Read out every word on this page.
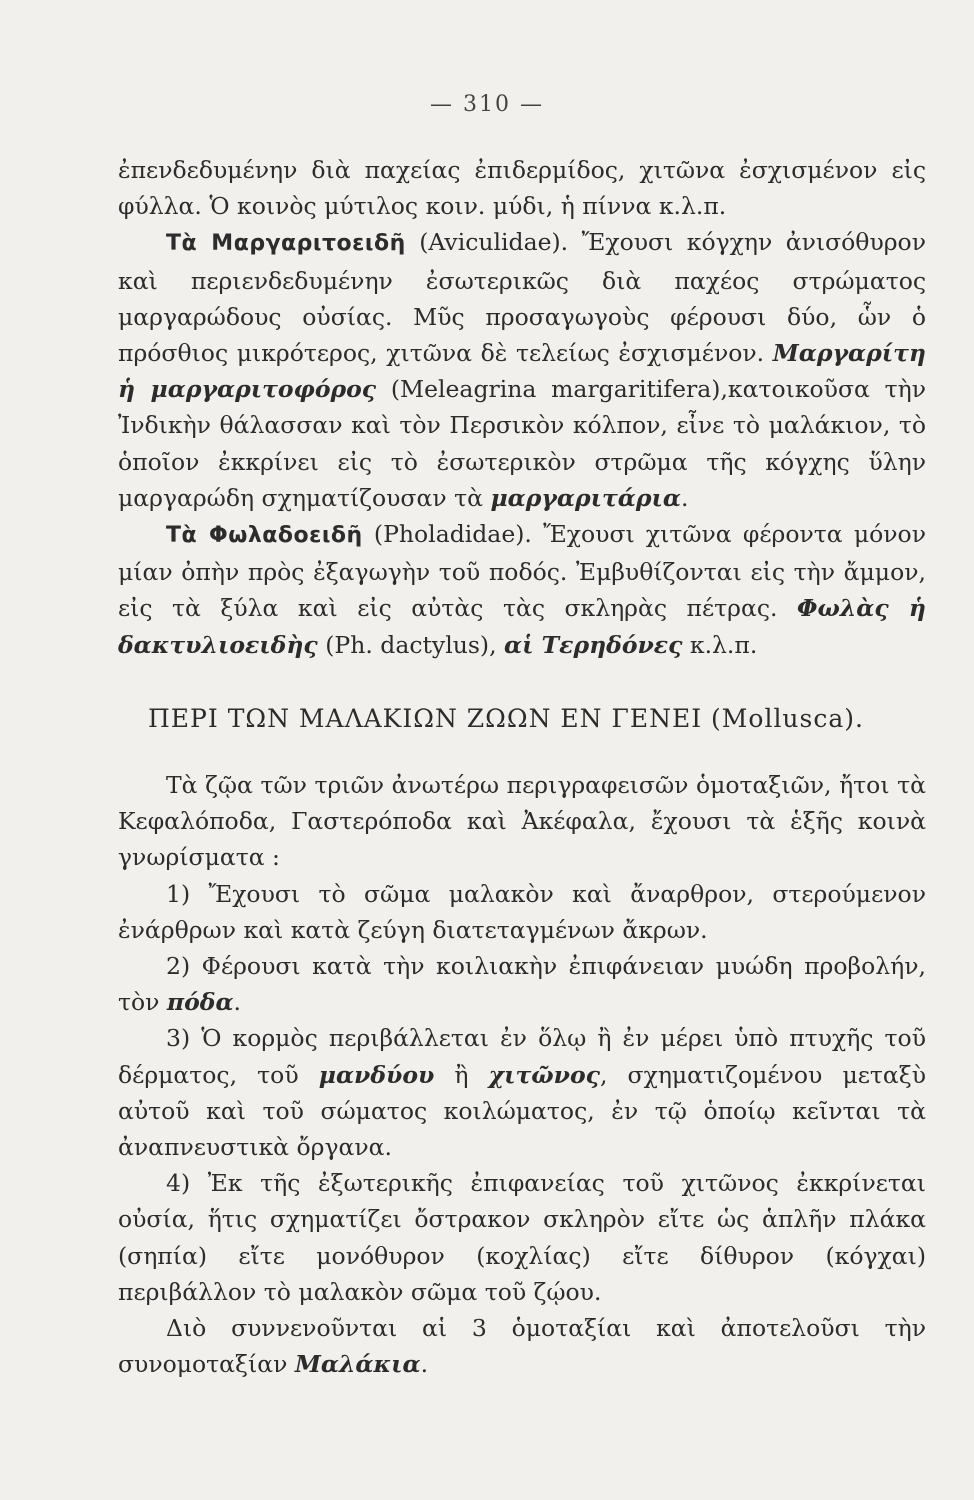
— 310 —

ἐπενδεδυμένην διὰ παχείας ἐπιδερμίδος, χιτῶνα ἐσχισμένον εἰς φύλλα. Ὁ κοινὸς μύτιλος κοιν. μύδι, ἡ πίννα κ.λ.π.

Τὰ Μαργαριτοειδῆ (Aviculidae). Ἔχουσι κόγχην ἀνισόθυρον καὶ περιενδεδυμένην ἐσωτερικῶς διὰ παχέος στρώματος μαργαρώδους οὐσίας. Μῦς προσαγωγοὺς φέρουσι δύο, ὧν ὁ πρόσθιος μικρότερος, χιτῶνα δὲ τελείως ἐσχισμένον. Μαργαρίτη ἡ μαργαριτοφόρος (Meleagrina margaritifera),κατοικοῦσα τὴν Ἰνδικὴν θάλασσαν καὶ τὸν Περσικὸν κόλπον, εἶνε τὸ μαλάκιον, τὸ ὁποῖον ἐκκρίνει εἰς τὸ ἐσωτερικὸν στρῶμα τῆς κόγχης ὕλην μαργαρώδη σχηματίζουσαν τὰ μαργαριτάρια.

Τὰ Φωλαδοειδῆ (Pholadidae). Ἔχουσι χιτῶνα φέροντα μόνον μίαν ὀπὴν πρὸς ἐξαγωγὴν τοῦ ποδός. Ἐμβυθίζονται εἰς τὴν ἄμμον, εἰς τὰ ξύλα καὶ εἰς αὐτὰς τὰς σκληρὰς πέτρας. Φωλὰς ἡ δακτυλιοειδὴς (Ph. dactylus), αἱ Τερηδόνες κ.λ.π.

ΠΕΡΙ ΤΩΝ ΜΑΛΑΚΙΩΝ ΖΩΩΝ ΕΝ ΓΕΝΕΙ (Mollusca).

Τὰ ζῷα τῶν τριῶν ἀνωτέρω περιγραφεισῶν ὁμοταξιῶν, ἤτοι τὰ Κεφαλόποδα, Γαστερόποδα καὶ Ἀκέφαλα, ἔχουσι τὰ ἑξῆς κοινὰ γνωρίσματα :

1) Ἔχουσι τὸ σῶμα μαλακὸν καὶ ἄναρθρον, στερούμενον ἐνάρθρων καὶ κατὰ ζεύγη διατεταγμένων ἄκρων.

2) Φέρουσι κατὰ τὴν κοιλιακὴν ἐπιφάνειαν μυώδη προβολήν, τὸν πόδα.

3) Ὁ κορμὸς περιβάλλεται ἐν ὅλῳ ἢ ἐν μέρει ὑπὸ πτυχῆς τοῦ δέρματος, τοῦ μανδύου ἢ χιτῶνος, σχηματιζομένου μεταξὺ αὐτοῦ καὶ τοῦ σώματος κοιλώματος, ἐν τῷ ὁποίῳ κεῖνται τὰ ἀναπνευστικὰ ὄργανα.

4) Ἐκ τῆς ἐξωτερικῆς ἐπιφανείας τοῦ χιτῶνος ἐκκρίνεται οὐσία, ἥτις σχηματίζει ὄστρακον σκληρὸν εἴτε ὡς ἁπλῆν πλάκα (σηπία) εἴτε μονόθυρον (κοχλίας) εἴτε δίθυρον (κόγχαι) περιβάλλον τὸ μαλακὸν σῶμα τοῦ ζῴου.

Διὸ συννενοῦνται αἱ 3 ὁμοταξίαι καὶ ἀποτελοῦσι τὴν συνομοταξίαν Μαλάκια.
